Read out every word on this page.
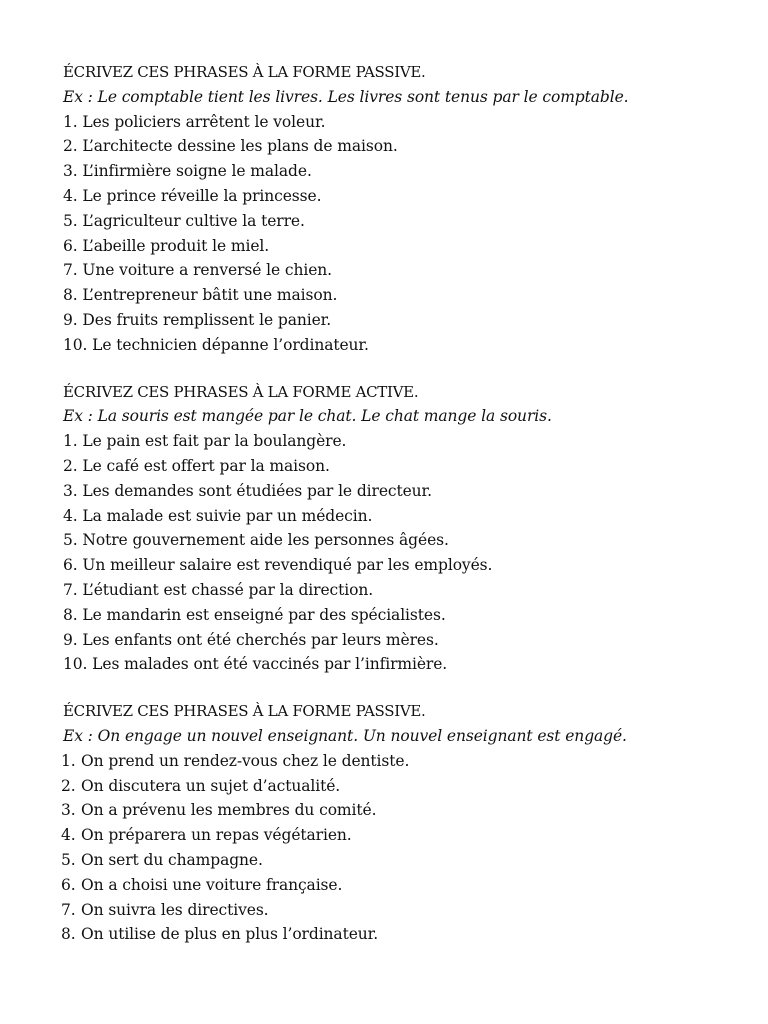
ÉCRIVEZ CES PHRASES À LA FORME PASSIVE.
Ex : Le comptable tient les livres. Les livres sont tenus par le comptable.
1. Les policiers arrêtent le voleur.
2. L’architecte dessine les plans de maison.
3. L’infirmière soigne le malade.
4. Le prince réveille la princesse.
5. L’agriculteur cultive la terre.
6. L’abeille produit le miel.
7. Une voiture a renversé le chien.
8. L’entrepreneur bâtit une maison.
9. Des fruits remplissent le panier.
10. Le technicien dépanne l’ordinateur.
ÉCRIVEZ CES PHRASES À LA FORME ACTIVE.
Ex : La souris est mangée par le chat. Le chat mange la souris.
1. Le pain est fait par la boulangère.
2. Le café est offert par la maison.
3. Les demandes sont étudiées par le directeur.
4. La malade est suivie par un médecin.
5. Notre gouvernement aide les personnes âgées.
6. Un meilleur salaire est revendiqué par les employés.
7. L’étudiant est chassé par la direction.
8. Le mandarin est enseigné par des spécialistes.
9. Les enfants ont été cherchés par leurs mères.
10. Les malades ont été vaccinés par l’infirmière.
ÉCRIVEZ CES PHRASES À LA FORME PASSIVE.
Ex : On engage un nouvel enseignant. Un nouvel enseignant est engagé.
1. On prend un rendez-vous chez le dentiste.
2. On discutera un sujet d’actualité.
3. On a prévenu les membres du comité.
4. On préparera un repas végétarien.
5. On sert du champagne.
6. On a choisi une voiture française.
7. On suivra les directives.
8. On utilise de plus en plus l’ordinateur.
